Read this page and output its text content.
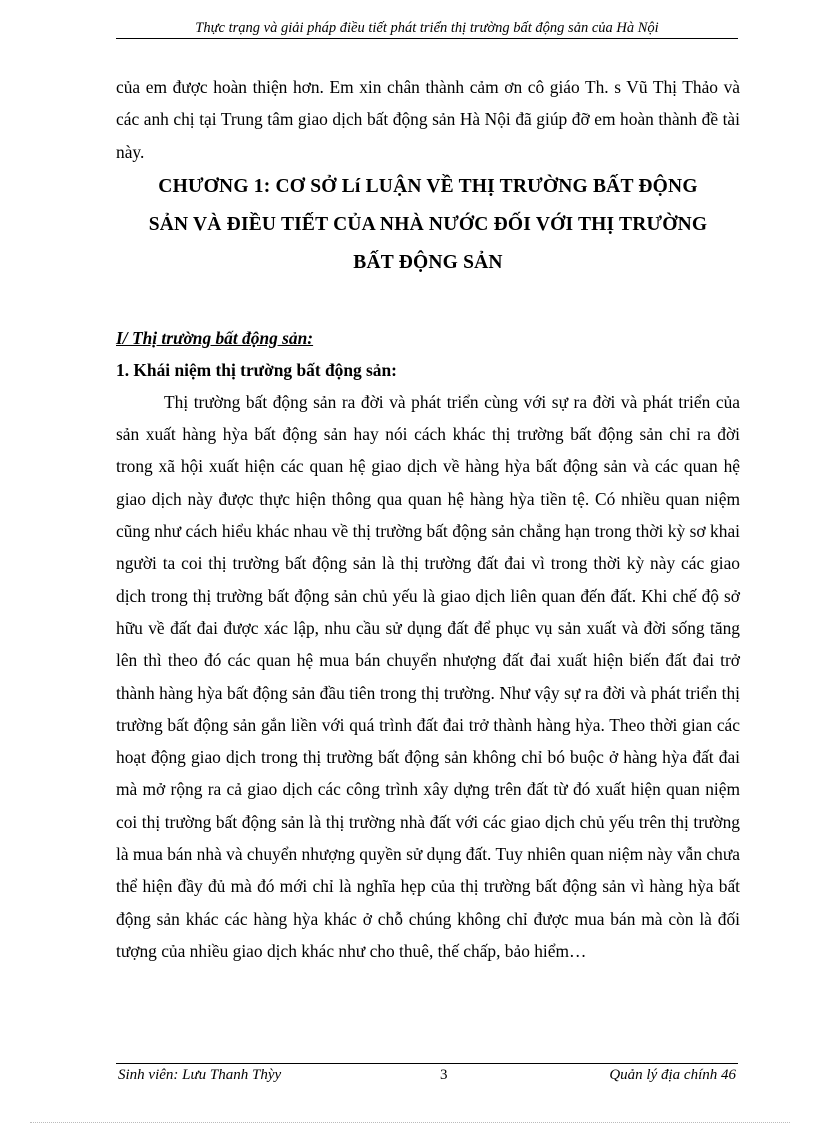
Thực trạng và giải pháp điều tiết phát triển thị trường bất động sản của Hà Nội

của em được hoàn thiện hơn. Em xin chân thành cảm ơn cô giáo Th. s Vũ Thị Thảo và các anh chị tại Trung tâm giao dịch bất động sản Hà Nội đã giúp đỡ em hoàn thành đề tài này.

CHƯƠNG 1: CƠ SỞ Lí LUẬN VỀ THỊ TRƯỜNG BẤT ĐỘNG
SẢN VÀ ĐIỀU TIẾT CỦA NHÀ NƯỚC ĐỐI VỚI THỊ TRƯỜNG
BẤT ĐỘNG SẢN
I/ Thị trường bất động sản:
1. Khái niệm thị trường bất động sản:

Thị trường bất động sản ra đời và phát triển cùng với sự ra đời và phát triển của sản xuất hàng hỳa bất động sản hay nói cách khác thị trường bất động sản chỉ ra đời trong xã hội xuất hiện các quan hệ giao dịch về hàng hỳa bất động sản và các quan hệ giao dịch này được thực hiện thông qua quan hệ hàng hỳa tiền tệ. Có nhiều quan niệm cũng như cách hiểu khác nhau về thị trường bất động sản chẳng hạn trong thời kỳ sơ khai người ta coi thị trường bất động sản là thị trường đất đai vì trong thời kỳ này các giao dịch trong thị trường bất động sản chủ yếu là giao dịch liên quan đến đất. Khi chế độ sở hữu về đất đai được xác lập, nhu cầu sử dụng đất để phục vụ sản xuất và đời sống tăng lên thì theo đó các quan hệ mua bán chuyển nhượng đất đai xuất hiện biến đất đai trở thành hàng hỳa bất động sản đầu tiên trong thị trường. Như vậy sự ra đời và phát triển thị trường bất động sản gắn liền với quá trình đất đai trở thành hàng hỳa. Theo thời gian các hoạt động giao dịch trong thị trường bất động sản không chỉ bó buộc ở hàng hỳa đất đai mà mở rộng ra cả giao dịch các công trình xây dựng trên đất từ đó xuất hiện quan niệm coi thị trường bất động sản là thị trường nhà đất với các giao dịch chủ yếu trên thị trường là mua bán nhà và chuyển nhượng quyền sử dụng đất. Tuy nhiên quan niệm này vẫn chưa thể hiện đầy đủ mà đó mới chỉ là nghĩa hẹp của thị trường bất động sản vì hàng hỳa bất động sản khác các hàng hỳa khác ở chỗ chúng không chỉ được mua bán mà còn là đối tượng của nhiều giao dịch khác như cho thuê, thế chấp, bảo hiểm…

Sinh viên: Lưu Thanh Thỳy	3	Quản lý địa chính 46
